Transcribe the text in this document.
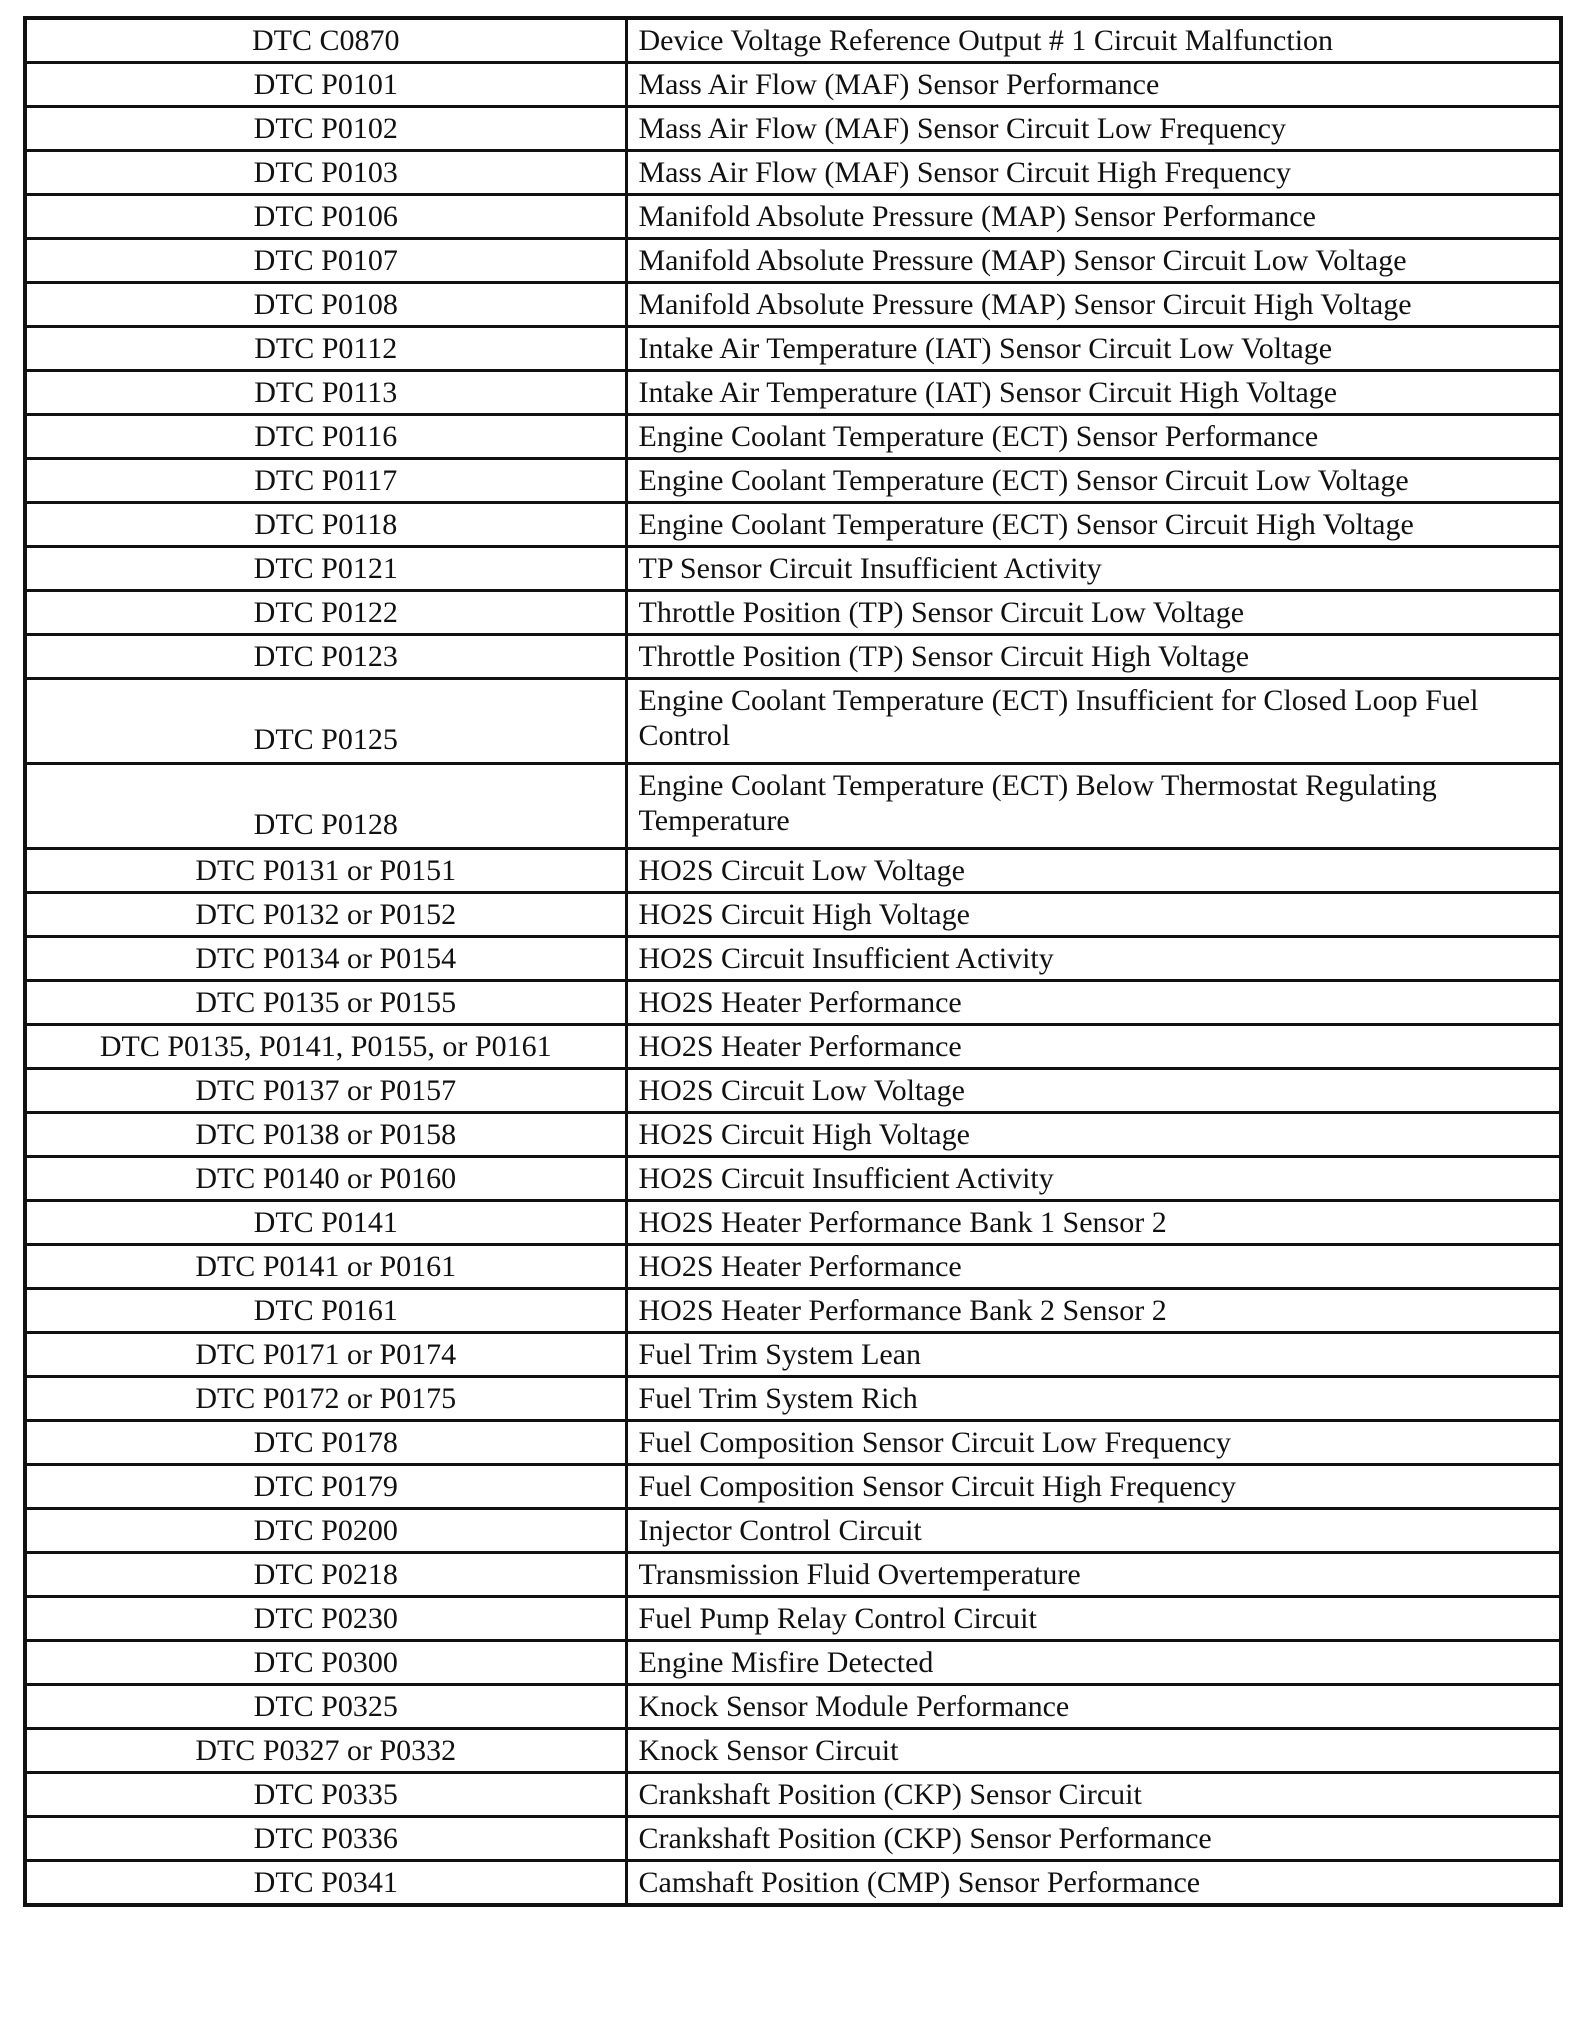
DTC C0870	Device Voltage Reference Output # 1 Circuit Malfunction
DTC P0101	Mass Air Flow (MAF) Sensor Performance
DTC P0102	Mass Air Flow (MAF) Sensor Circuit Low Frequency
DTC P0103	Mass Air Flow (MAF) Sensor Circuit High Frequency
DTC P0106	Manifold Absolute Pressure (MAP) Sensor Performance
DTC P0107	Manifold Absolute Pressure (MAP) Sensor Circuit Low Voltage
DTC P0108	Manifold Absolute Pressure (MAP) Sensor Circuit High Voltage
DTC P0112	Intake Air Temperature (IAT) Sensor Circuit Low Voltage
DTC P0113	Intake Air Temperature (IAT) Sensor Circuit High Voltage
DTC P0116	Engine Coolant Temperature (ECT) Sensor Performance
DTC P0117	Engine Coolant Temperature (ECT) Sensor Circuit Low Voltage
DTC P0118	Engine Coolant Temperature (ECT) Sensor Circuit High Voltage
DTC P0121	TP Sensor Circuit Insufficient Activity
DTC P0122	Throttle Position (TP) Sensor Circuit Low Voltage
DTC P0123	Throttle Position (TP) Sensor Circuit High Voltage
DTC P0125	Engine Coolant Temperature (ECT) Insufficient for Closed Loop Fuel Control
DTC P0128	Engine Coolant Temperature (ECT) Below Thermostat Regulating Temperature
DTC P0131 or P0151	HO2S Circuit Low Voltage
DTC P0132 or P0152	HO2S Circuit High Voltage
DTC P0134 or P0154	HO2S Circuit Insufficient Activity
DTC P0135 or P0155	HO2S Heater Performance
DTC P0135, P0141, P0155, or P0161	HO2S Heater Performance
DTC P0137 or P0157	HO2S Circuit Low Voltage
DTC P0138 or P0158	HO2S Circuit High Voltage
DTC P0140 or P0160	HO2S Circuit Insufficient Activity
DTC P0141	HO2S Heater Performance Bank 1 Sensor 2
DTC P0141 or P0161	HO2S Heater Performance
DTC P0161	HO2S Heater Performance Bank 2 Sensor 2
DTC P0171 or P0174	Fuel Trim System Lean
DTC P0172 or P0175	Fuel Trim System Rich
DTC P0178	Fuel Composition Sensor Circuit Low Frequency
DTC P0179	Fuel Composition Sensor Circuit High Frequency
DTC P0200	Injector Control Circuit
DTC P0218	Transmission Fluid Overtemperature
DTC P0230	Fuel Pump Relay Control Circuit
DTC P0300	Engine Misfire Detected
DTC P0325	Knock Sensor Module Performance
DTC P0327 or P0332	Knock Sensor Circuit
DTC P0335	Crankshaft Position (CKP) Sensor Circuit
DTC P0336	Crankshaft Position (CKP) Sensor Performance
DTC P0341	Camshaft Position (CMP) Sensor Performance
